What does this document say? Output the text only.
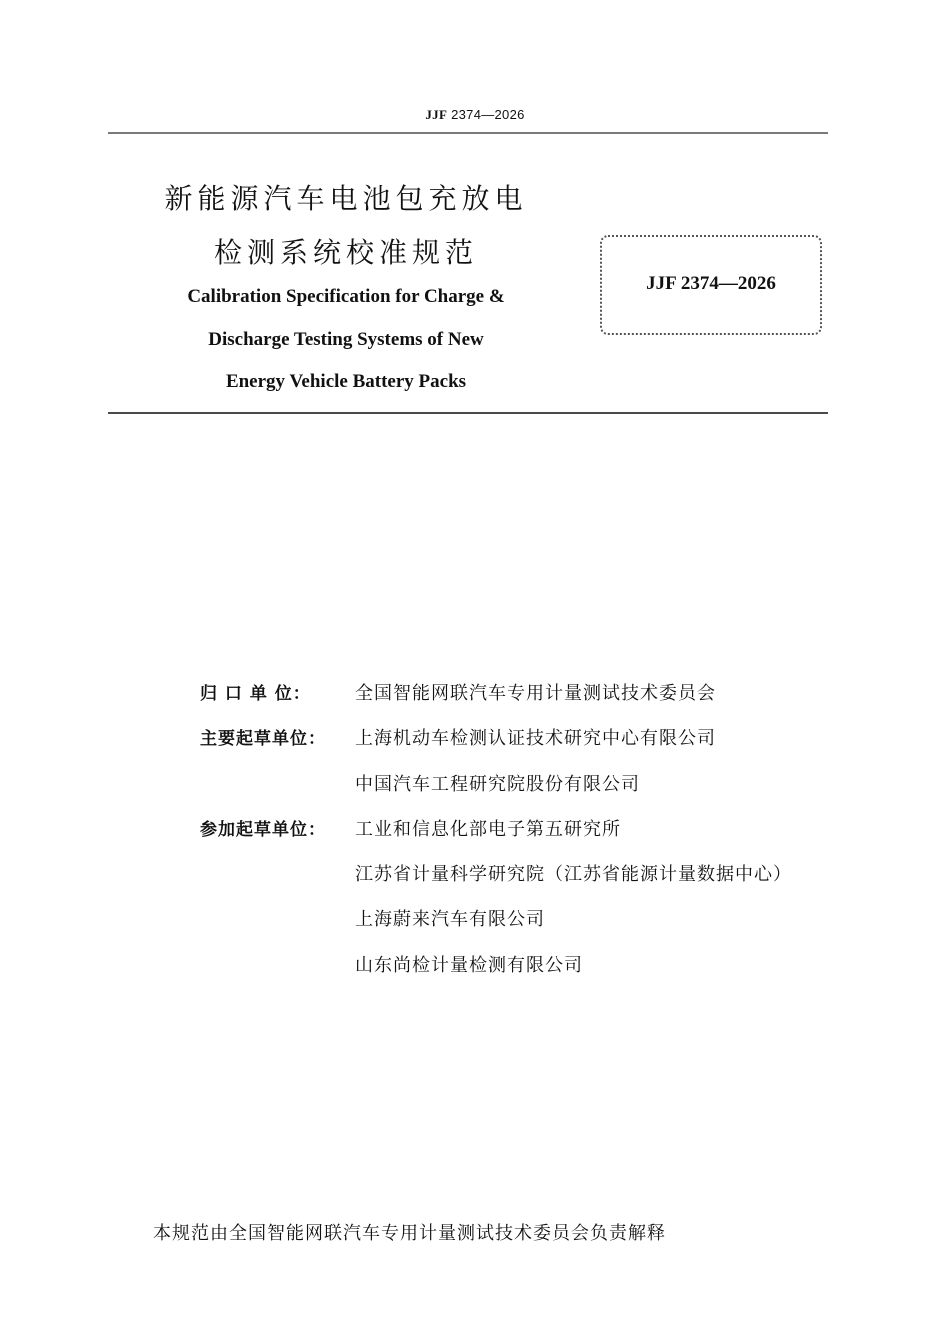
JJF 2374—2026
新能源汽车电池包充放电
检测系统校准规范
Calibration Specification for Charge &
Discharge Testing Systems of New
Energy Vehicle Battery Packs
JJF 2374—2026
归 口 单 位：	全国智能网联汽车专用计量测试技术委员会
主要起草单位：	上海机动车检测认证技术研究中心有限公司
中国汽车工程研究院股份有限公司
参加起草单位：	工业和信息化部电子第五研究所
江苏省计量科学研究院（江苏省能源计量数据中心）
上海蔚来汽车有限公司
山东尚检计量检测有限公司
本规范由全国智能网联汽车专用计量测试技术委员会负责解释
